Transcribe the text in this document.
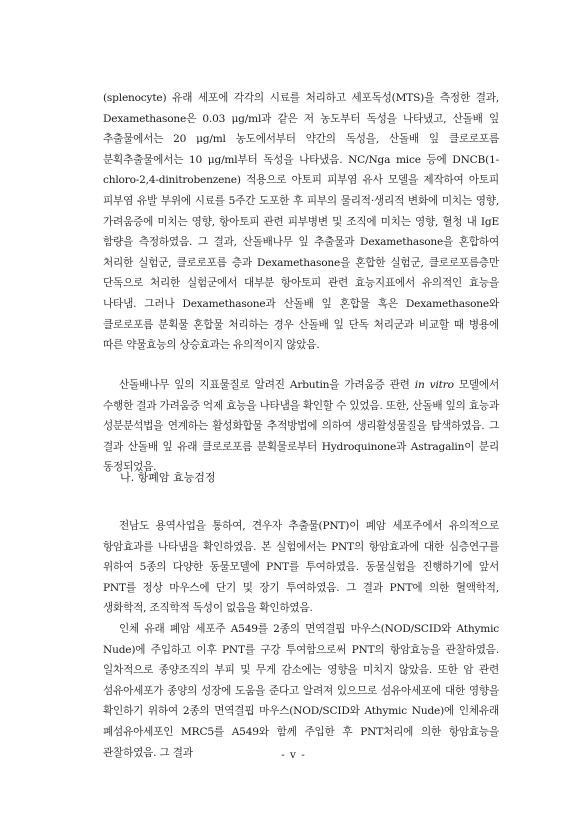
(splenocyte) 유래 세포에 각각의 시료를 처리하고 세포독성(MTS)을 측정한 결과, Dexamethasone은 0.03 μg/ml과 같은 저 농도부터 독성을 나타냈고, 산돌배 잎 추출물에서는 20 μg/ml 농도에서부터 약간의 독성을, 산돌배 잎 클로로포름 분획추출물에서는 10 μg/ml부터 독성을 나타냈음. NC/Nga mice 등에 DNCB(1-chloro-2,4-dinitrobenzene) 적용으로 아토피 피부염 유사 모델을 제작하여 아토피 피부염 유발 부위에 시료를 5주간 도포한 후 피부의 물리적·생리적 변화에 미치는 영향, 가려움증에 미치는 영향, 항아토피 관련 피부병변 및 조직에 미치는 영향, 혈청 내 IgE 함량을 측정하였음. 그 결과, 산돌배나무 잎 추출물과 Dexamethasone을 혼합하여 처리한 실험군, 클로로포름 층과 Dexamethasone을 혼합한 실험군, 클로로포름층만 단독으로 처리한 실험군에서 대부분 항아토피 관련 효능지표에서 유의적인 효능을 나타냄. 그러나 Dexamethasone과 산돌배 잎 혼합물 혹은 Dexamethasone와 클로로포름 분획물 혼합물 처리하는 경우 산돌배 잎 단독 처리군과 비교할 때 병용에 따른 약물효능의 상승효과는 유의적이지 않았음.

산돌배나무 잎의 지표물질로 알려진 Arbutin을 가려움증 관련 in vitro 모델에서 수행한 결과 가려움증 억제 효능을 나타냄을 확인할 수 있었음. 또한, 산돌배 잎의 효능과 성분분석법을 연계하는 활성화합물 추적방법에 의하여 생리활성물질을 탐색하였음. 그 결과 산돌배 잎 유래 클로로포름 분획물로부터 Hydroquinone과 Astragalin이 분리 동정되었음.

나. 항폐암 효능검정

전남도 용역사업을 통하여, 견우자 추출물(PNT)이 폐암 세포주에서 유의적으로 항암효과를 나타냄을 확인하였음. 본 실험에서는 PNT의 항암효과에 대한 심층연구를 위하여 5종의 다양한 동물모델에 PNT를 투여하였음. 동물실험을 진행하기에 앞서 PNT를 정상 마우스에 단기 및 장기 투여하였음. 그 결과 PNT에 의한 혈액학적, 생화학적, 조직학적 독성이 없음을 확인하였음.

인체 유래 폐암 세포주 A549를 2종의 면역결핍 마우스(NOD/SCID와 Athymic Nude)에 주입하고 이후 PNT를 구강 투여함으로써 PNT의 항암효능을 관찰하였음. 일차적으로 종양조직의 부피 및 무게 감소에는 영향을 미치지 않았음. 또한 암 관련 섬유아세포가 종양의 성장에 도움을 준다고 알려져 있으므로 섬유아세포에 대한 영향을 확인하기 위하여 2종의 면역결핍 마우스(NOD/SCID와 Athymic Nude)에 인체유래 폐섬유아세포인 MRC5를 A549와 함께 주입한 후 PNT처리에 의한 항암효능을 관찰하였음. 그 결과	- v -
